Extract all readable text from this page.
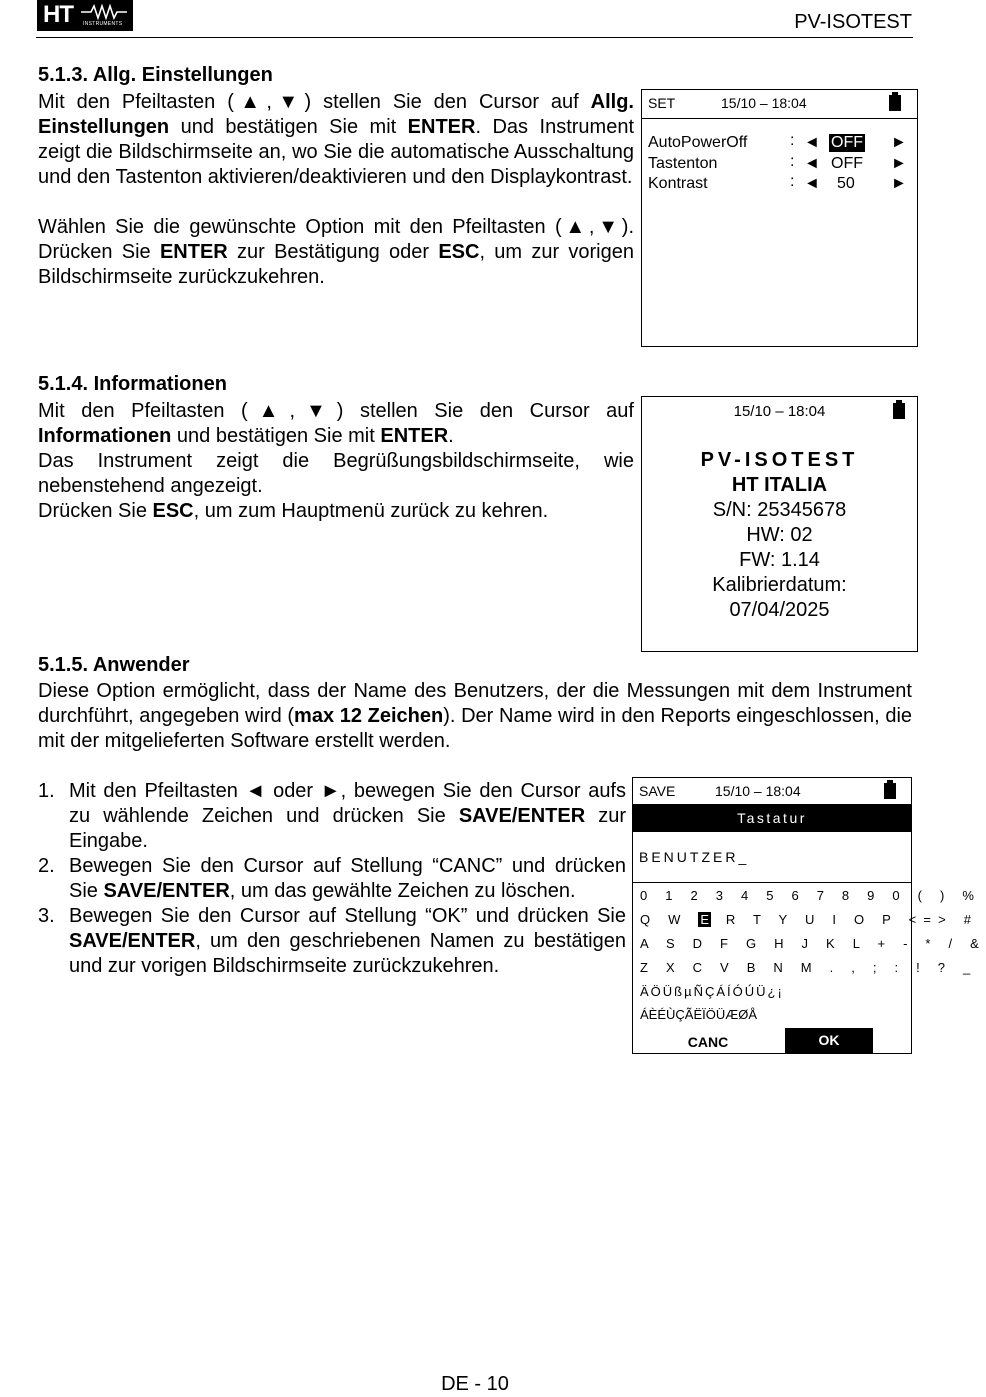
HT INSTRUMENTS	PV-ISOTEST
5.1.3. Allg. Einstellungen
Mit den Pfeiltasten (▲,▼) stellen Sie den Cursor auf Allg. Einstellungen und bestätigen Sie mit ENTER. Das Instrument zeigt die Bildschirmseite an, wo Sie die automatische Ausschaltung und den Tastenton aktivieren/deaktivieren und den Displaykontrast.
Wählen Sie die gewünschte Option mit den Pfeiltasten (▲,▼). Drücken Sie ENTER zur Bestätigung oder ESC, um zur vorigen Bildschirmseite zurückzukehren.
SET	15/10 – 18:04
AutoPowerOff	: ◄ OFF ►
Tastenton	: ◄ OFF ►
Kontrast	: ◄ 50 ►
5.1.4. Informationen
Mit den Pfeiltasten (▲,▼) stellen Sie den Cursor auf Informationen und bestätigen Sie mit ENTER.
Das Instrument zeigt die Begrüßungsbildschirmseite, wie nebenstehend angezeigt.
Drücken Sie ESC, um zum Hauptmenü zurück zu kehren.
15/10 – 18:04
PV-ISOTEST
HT ITALIA
S/N: 25345678
HW: 02
FW: 1.14
Kalibrierdatum:
07/04/2025
5.1.5. Anwender
Diese Option ermöglicht, dass der Name des Benutzers, der die Messungen mit dem Instrument durchführt, angegeben wird (max 12 Zeichen). Der Name wird in den Reports eingeschlossen, die mit der mitgelieferten Software erstellt werden.
1. Mit den Pfeiltasten ◄ oder ►, bewegen Sie den Cursor aufs zu wählende Zeichen und drücken Sie SAVE/ENTER zur Eingabe.
2. Bewegen Sie den Cursor auf Stellung “CANC” und drücken Sie SAVE/ENTER, um das gewählte Zeichen zu löschen.
3. Bewegen Sie den Cursor auf Stellung “OK” und drücken Sie SAVE/ENTER, um den geschriebenen Namen zu bestätigen und zur vorigen Bildschirmseite zurückzukehren.
SAVE	15/10 – 18:04
Tastatur
BENUTZER_
0 1 2 3 4 5 6 7 8 9 0 ( ) %
Q W E R T Y U I O P <=> #
A S D F G H J K L + - * / &
Z X C V B N M . , ; : ! ? _
ÄÖÜßµÑÇÁÍÓÚÜ¿¡
ÁÈÉÙÇÃËÏÖÜÆØÅ
CANC	OK
DE - 10
